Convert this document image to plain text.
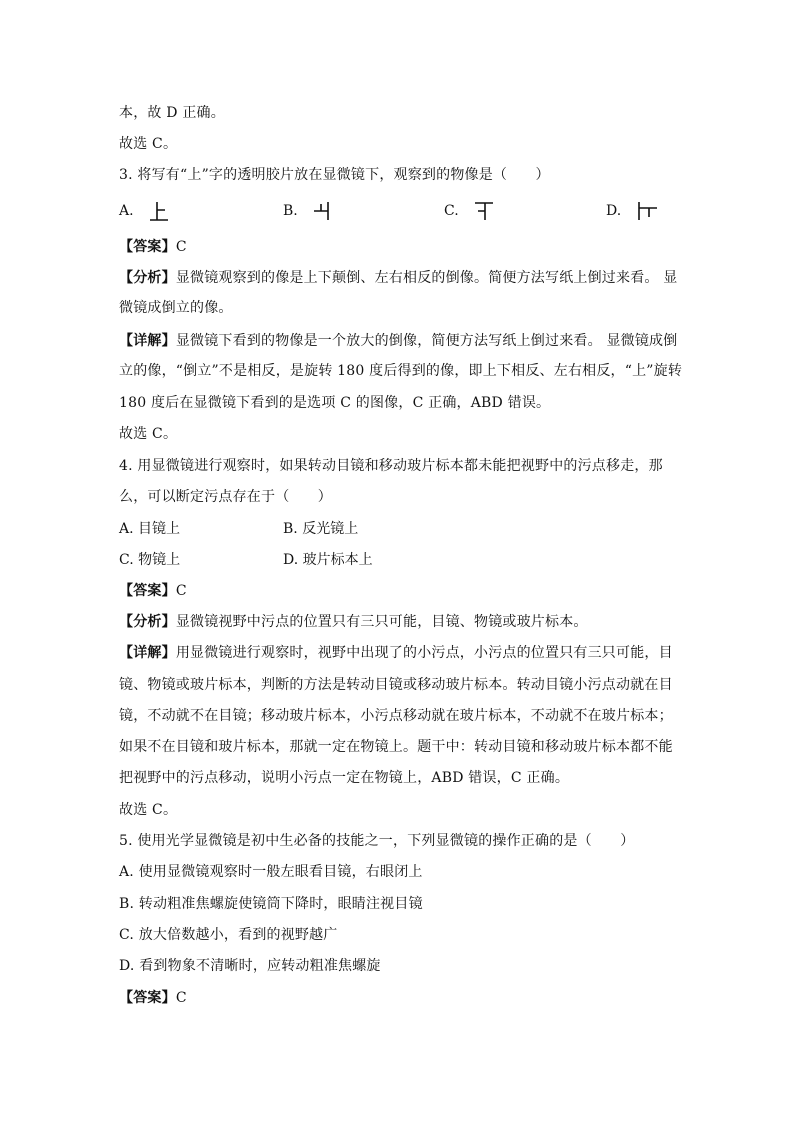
本，故 D 正确。
故选 C。
3. 将写有“上”字的透明胶片放在显微镜下，观察到的物像是（　　）
A.	B.	C.	D.
【答案】C
【分析】显微镜观察到的像是上下颠倒、左右相反的倒像。简便方法写纸上倒过来看。 显
微镜成倒立的像。
【详解】显微镜下看到的物像是一个放大的倒像，简便方法写纸上倒过来看。 显微镜成倒
立的像，“倒立”不是相反，是旋转 180 度后得到的像，即上下相反、左右相反，“上”旋转
180 度后在显微镜下看到的是选项 C 的图像，C 正确，ABD 错误。
故选 C。
4. 用显微镜进行观察时，如果转动目镜和移动玻片标本都未能把视野中的污点移走，那
么，可以断定污点存在于（　　）
A. 目镜上	B. 反光镜上
C. 物镜上	D. 玻片标本上
【答案】C
【分析】显微镜视野中污点的位置只有三只可能，目镜、物镜或玻片标本。
【详解】用显微镜进行观察时，视野中出现了的小污点，小污点的位置只有三只可能，目
镜、物镜或玻片标本，判断的方法是转动目镜或移动玻片标本。转动目镜小污点动就在目
镜，不动就不在目镜；移动玻片标本，小污点移动就在玻片标本，不动就不在玻片标本；
如果不在目镜和玻片标本，那就一定在物镜上。题干中：转动目镜和移动玻片标本都不能
把视野中的污点移动，说明小污点一定在物镜上，ABD 错误，C 正确。
故选 C。
5. 使用光学显微镜是初中生必备的技能之一，下列显微镜的操作正确的是（　　）
A. 使用显微镜观察时一般左眼看目镜，右眼闭上
B. 转动粗准焦螺旋使镜筒下降时，眼睛注视目镜
C. 放大倍数越小，看到的视野越广
D. 看到物象不清晰时，应转动粗准焦螺旋
【答案】C
